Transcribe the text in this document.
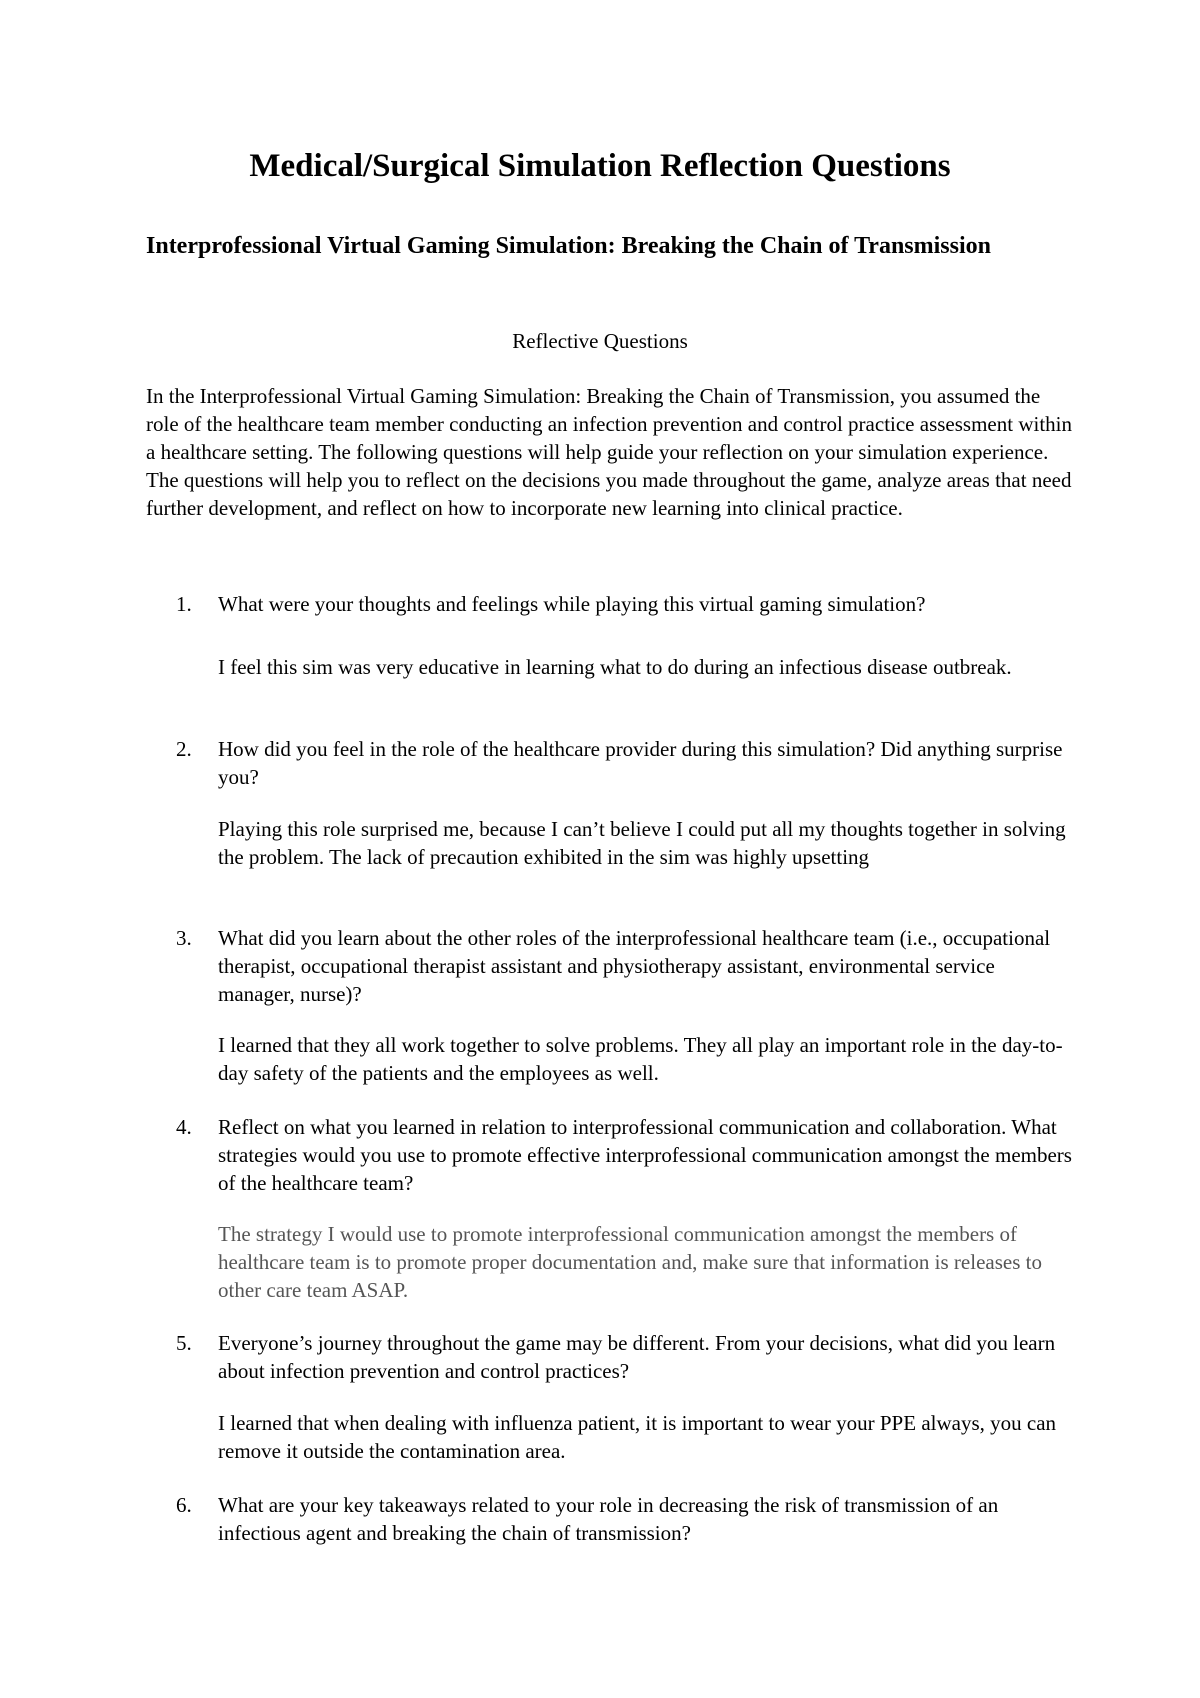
Medical/Surgical Simulation Reflection Questions
Interprofessional Virtual Gaming Simulation: Breaking the Chain of Transmission

Reflective Questions

In the Interprofessional Virtual Gaming Simulation: Breaking the Chain of Transmission, you assumed the role of the healthcare team member conducting an infection prevention and control practice assessment within a healthcare setting. The following questions will help guide your reflection on your simulation experience. The questions will help you to reflect on the decisions you made throughout the game, analyze areas that need further development, and reflect on how to incorporate new learning into clinical practice.

1.	What were your thoughts and feelings while playing this virtual gaming simulation?

I feel this sim was very educative in learning what to do during an infectious disease outbreak.

2.	How did you feel in the role of the healthcare provider during this simulation? Did anything surprise you?

Playing this role surprised me, because I can’t believe I could put all my thoughts together in solving the problem. The lack of precaution exhibited in the sim was highly upsetting

3.	What did you learn about the other roles of the interprofessional healthcare team (i.e., occupational therapist, occupational therapist assistant and physiotherapy assistant, environmental service manager, nurse)?

I learned that they all work together to solve problems. They all play an important role in the day-to-day safety of the patients and the employees as well.

4.	Reflect on what you learned in relation to interprofessional communication and collaboration. What strategies would you use to promote effective interprofessional communication amongst the members of the healthcare team?

The strategy I would use to promote interprofessional communication amongst the members of healthcare team is to promote proper documentation and, make sure that information is releases to other care team ASAP.

5.	Everyone’s journey throughout the game may be different. From your decisions, what did you learn about infection prevention and control practices?

I learned that when dealing with influenza patient, it is important to wear your PPE always, you can remove it outside the contamination area.

6.	What are your key takeaways related to your role in decreasing the risk of transmission of an infectious agent and breaking the chain of transmission?
